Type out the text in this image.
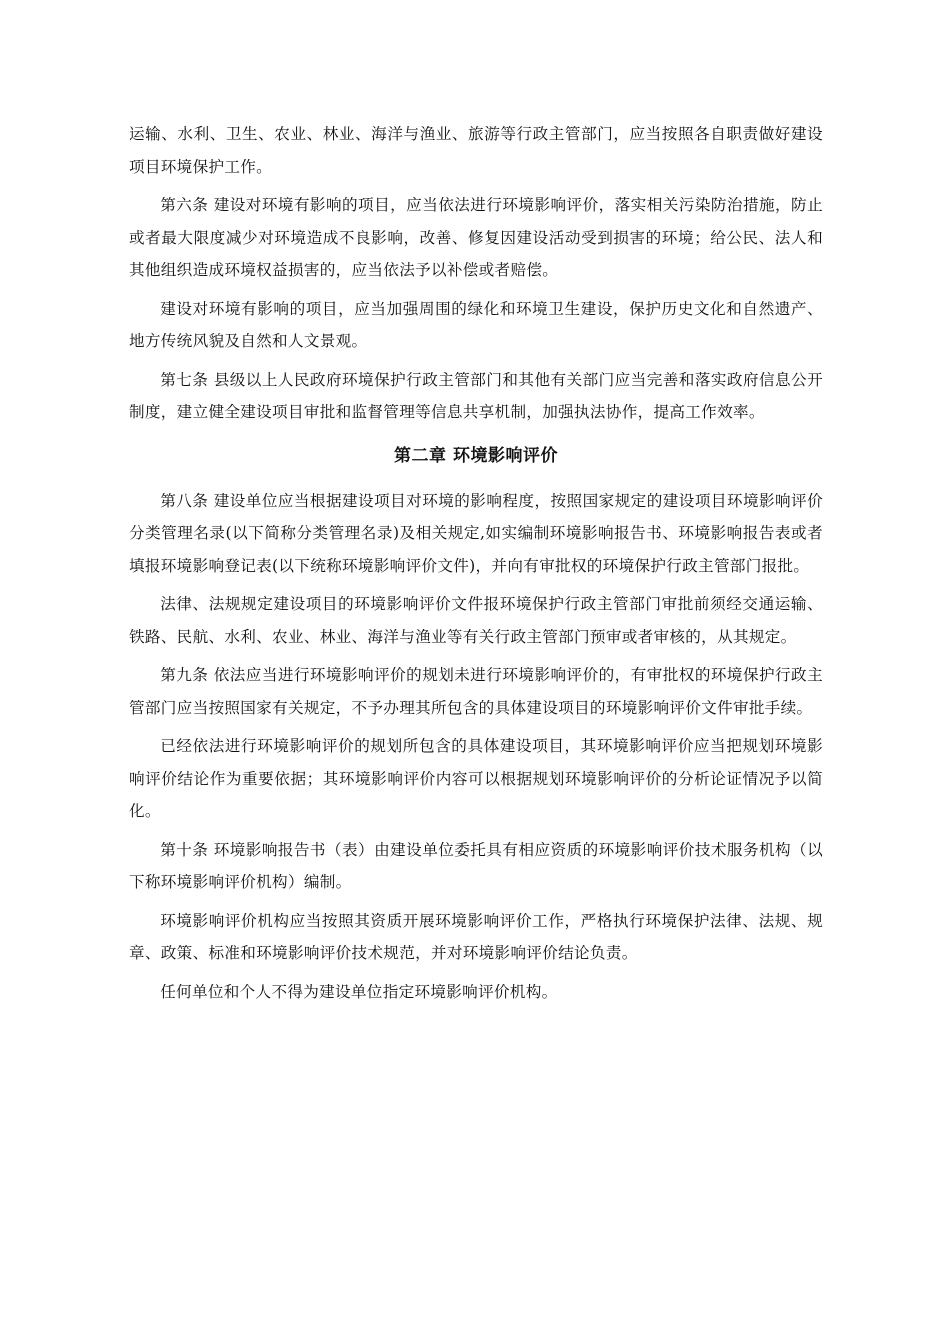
运输、水利、卫生、农业、林业、海洋与渔业、旅游等行政主管部门，应当按照各自职责做好建设项目环境保护工作。

第六条 建设对环境有影响的项目，应当依法进行环境影响评价，落实相关污染防治措施，防止或者最大限度减少对环境造成不良影响，改善、修复因建设活动受到损害的环境；给公民、法人和其他组织造成环境权益损害的，应当依法予以补偿或者赔偿。

建设对环境有影响的项目，应当加强周围的绿化和环境卫生建设，保护历史文化和自然遗产、地方传统风貌及自然和人文景观。

第七条 县级以上人民政府环境保护行政主管部门和其他有关部门应当完善和落实政府信息公开制度，建立健全建设项目审批和监督管理等信息共享机制，加强执法协作，提高工作效率。

第二章 环境影响评价

第八条 建设单位应当根据建设项目对环境的影响程度，按照国家规定的建设项目环境影响评价分类管理名录(以下简称分类管理名录)及相关规定,如实编制环境影响报告书、环境影响报告表或者填报环境影响登记表(以下统称环境影响评价文件)，并向有审批权的环境保护行政主管部门报批。

法律、法规规定建设项目的环境影响评价文件报环境保护行政主管部门审批前须经交通运输、铁路、民航、水利、农业、林业、海洋与渔业等有关行政主管部门预审或者审核的，从其规定。

第九条 依法应当进行环境影响评价的规划未进行环境影响评价的，有审批权的环境保护行政主管部门应当按照国家有关规定，不予办理其所包含的具体建设项目的环境影响评价文件审批手续。

已经依法进行环境影响评价的规划所包含的具体建设项目，其环境影响评价应当把规划环境影响评价结论作为重要依据；其环境影响评价内容可以根据规划环境影响评价的分析论证情况予以简化。

第十条 环境影响报告书（表）由建设单位委托具有相应资质的环境影响评价技术服务机构（以下称环境影响评价机构）编制。

环境影响评价机构应当按照其资质开展环境影响评价工作，严格执行环境保护法律、法规、规章、政策、标准和环境影响评价技术规范，并对环境影响评价结论负责。

任何单位和个人不得为建设单位指定环境影响评价机构。
